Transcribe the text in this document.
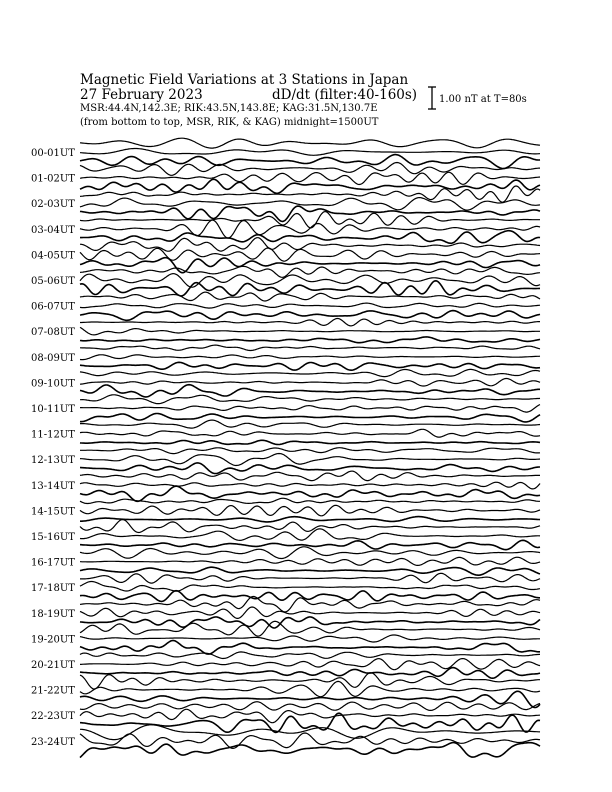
Magnetic Field Variations at 3 Stations in Japan
27 February 2023	dD/dt (filter:40-160s)
MSR:44.4N,142.3E; RIK:43.5N,143.8E; KAG:31.5N,130.7E
(from bottom to top, MSR, RIK, & KAG) midnight=1500UT
1.00 nT at T=80s
00-01UT
01-02UT
02-03UT
03-04UT
04-05UT
05-06UT
06-07UT
07-08UT
08-09UT
09-10UT
10-11UT
11-12UT
12-13UT
13-14UT
14-15UT
15-16UT
16-17UT
17-18UT
18-19UT
19-20UT
20-21UT
21-22UT
22-23UT
23-24UT
